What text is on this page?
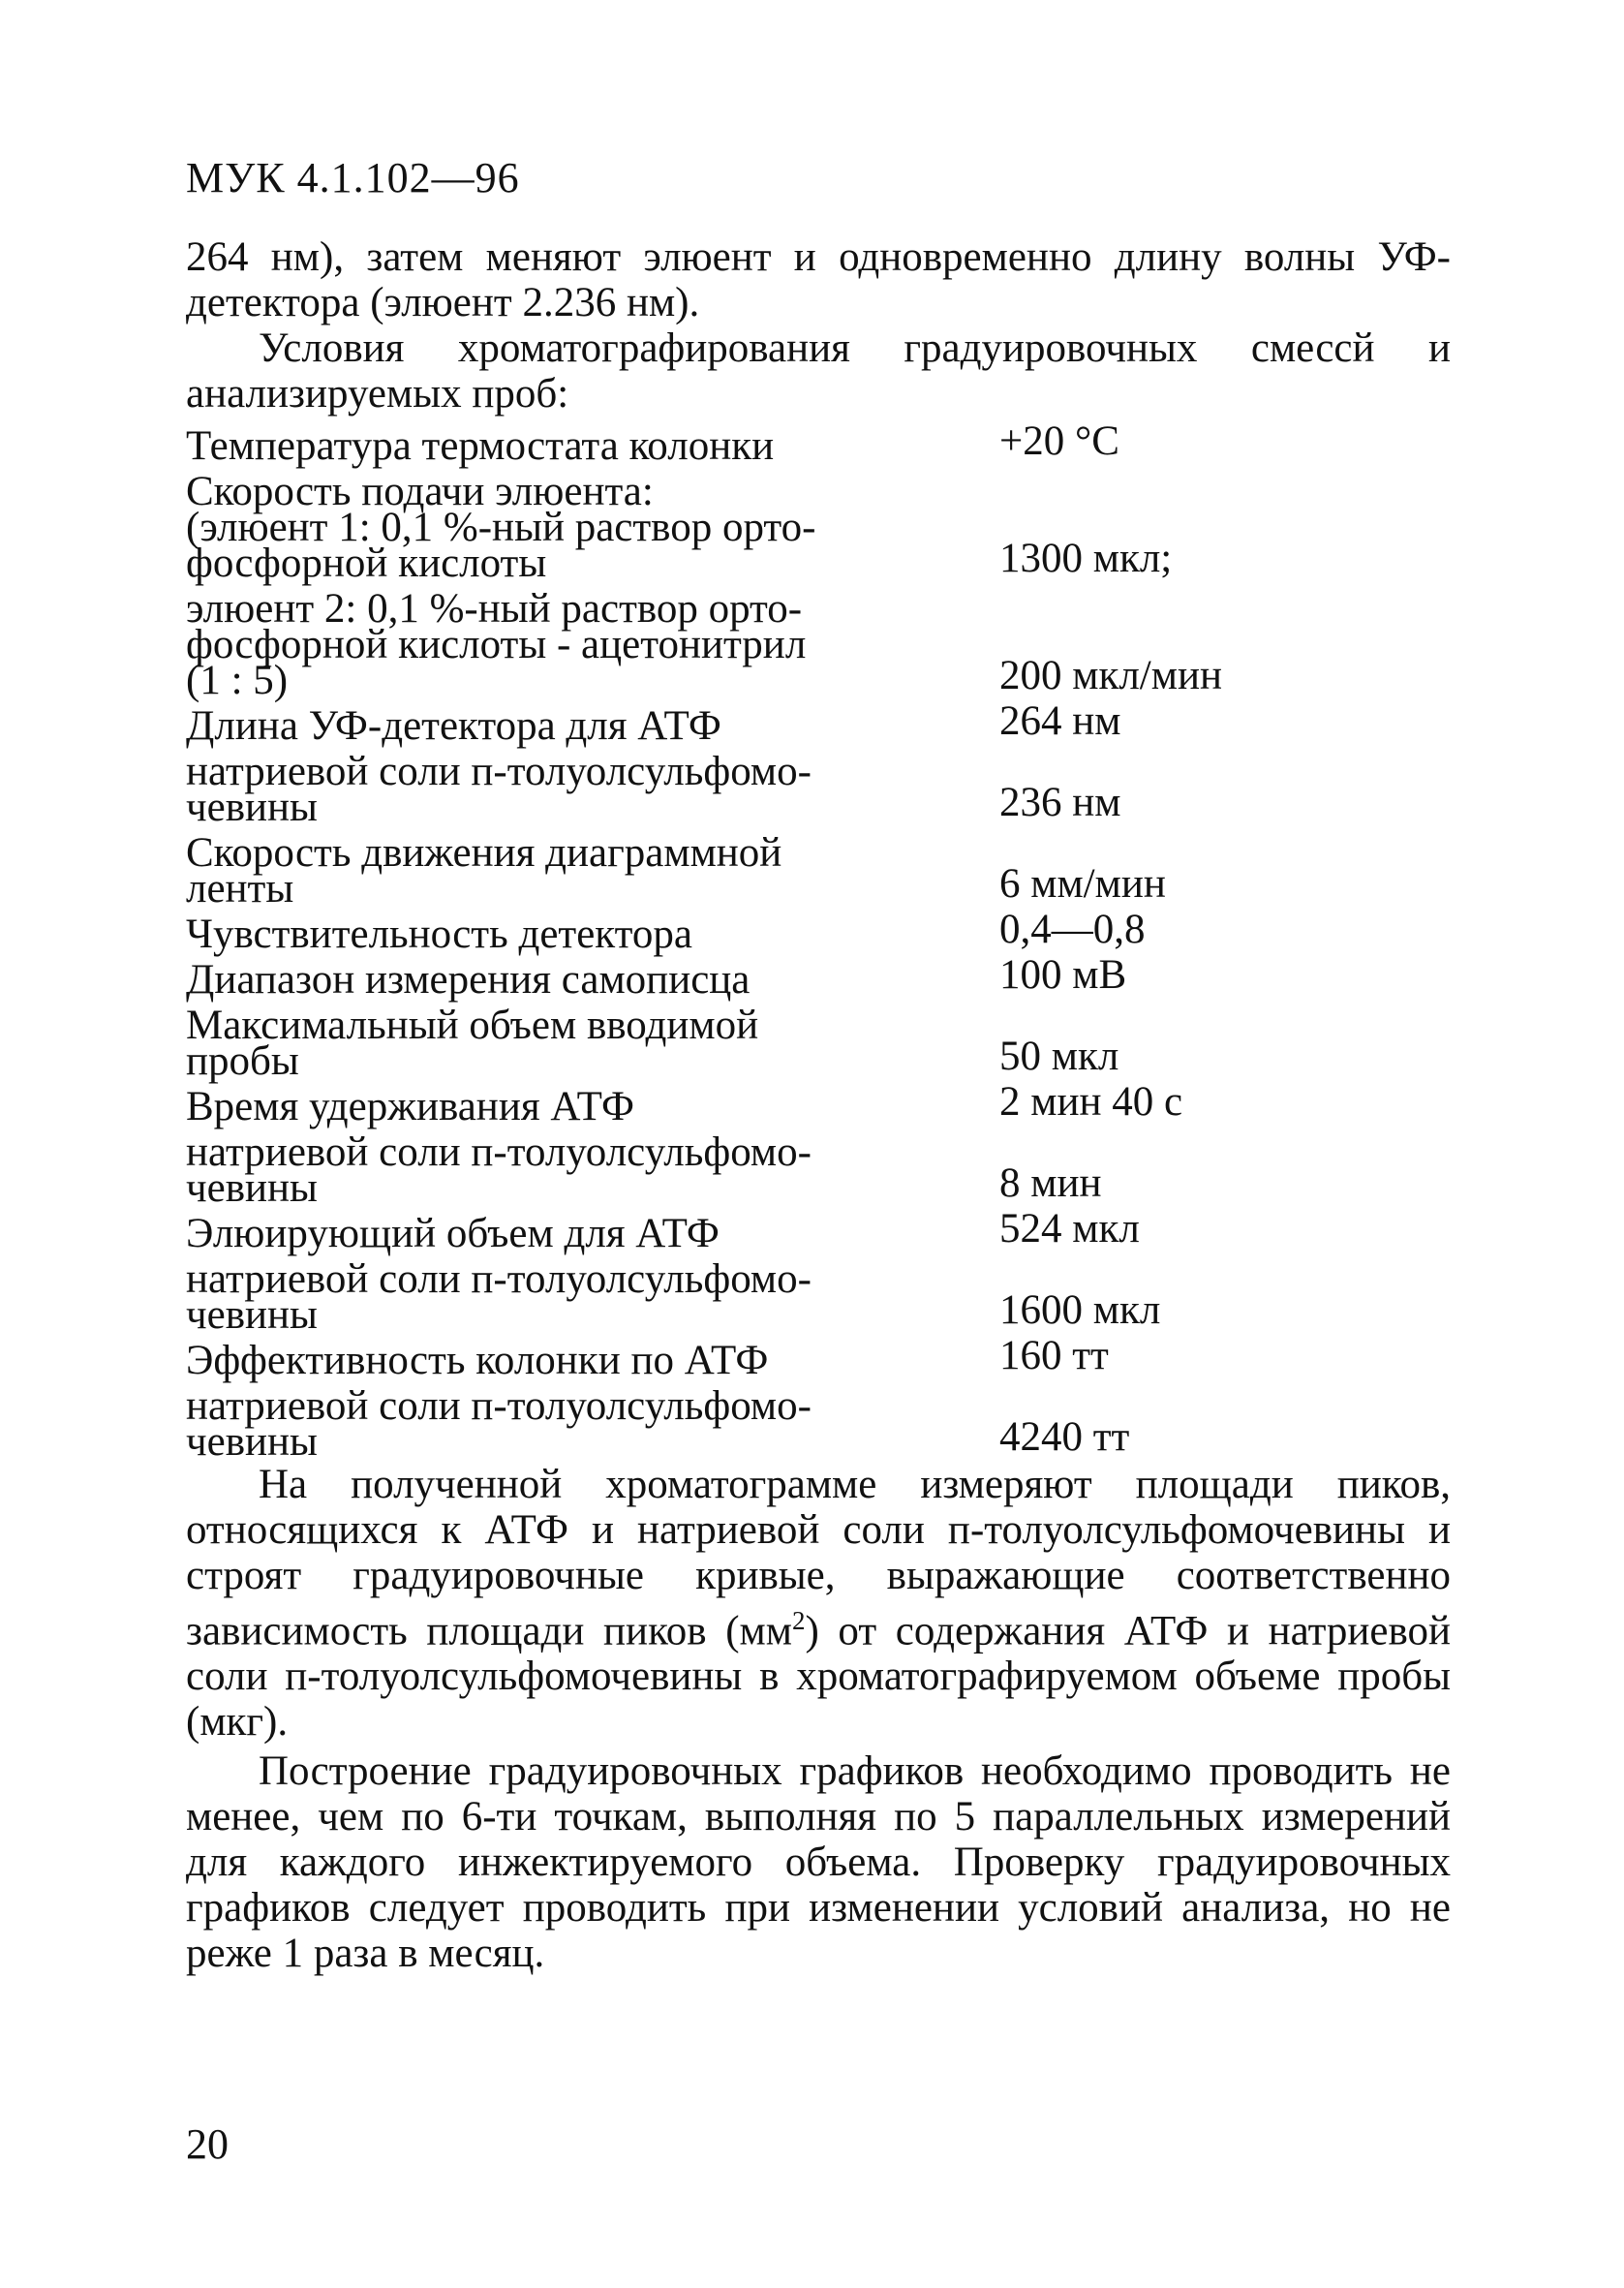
МУК 4.1.102—96

264 нм), затем меняют элюент и одновременно длину волны УФ-детектора (элюент 2.236 нм).

Условия хроматографирования градуировочных смессй и анализируемых проб:

Температура термостата колонки	+20 °C
Скорость подачи элюента:
(элюент 1: 0,1 %-ный раствор орто-
фосфорной кислоты	1300 мкл;
элюент 2: 0,1 %-ный раствор орто-
фосфорной кислоты - ацетонитрил
(1 : 5)	200 мкл/мин
Длина УФ-детектора для АТФ	264 нм
натриевой соли п-толуолсульфомо-
чевины	236 нм
Скорость движения диаграммной
ленты	6 мм/мин
Чувствительность детектора	0,4—0,8
Диапазон измерения самописца	100 мВ
Максимальный объем вводимой
пробы	50 мкл
Время удерживания АТФ	2 мин 40 с
натриевой соли п-толуолсульфомо-
чевины	8 мин
Элюирующий объем для АТФ	524 мкл
натриевой соли п-толуолсульфомо-
чевины	1600 мкл
Эффективность колонки по АТФ	160 тт
натриевой соли п-толуолсульфомо-
чевины	4240 тт

На полученной хроматограмме измеряют площади пиков, относящихся к АТФ и натриевой соли п-толуолсульфомочевины и строят градуировочные кривые, выражающие соответственно зависимость площади пиков $(мм^2)$ от содержания АТФ и натриевой соли п-толуолсульфомочевины в хроматографируемом объеме пробы (мкг).

Построение градуировочных графиков необходимо проводить не менее, чем по 6-ти точкам, выполняя по 5 параллельных измерений для каждого инжектируемого объема. Проверку градуировочных графиков следует проводить при изменении условий анализа, но не реже 1 раза в месяц.

20
